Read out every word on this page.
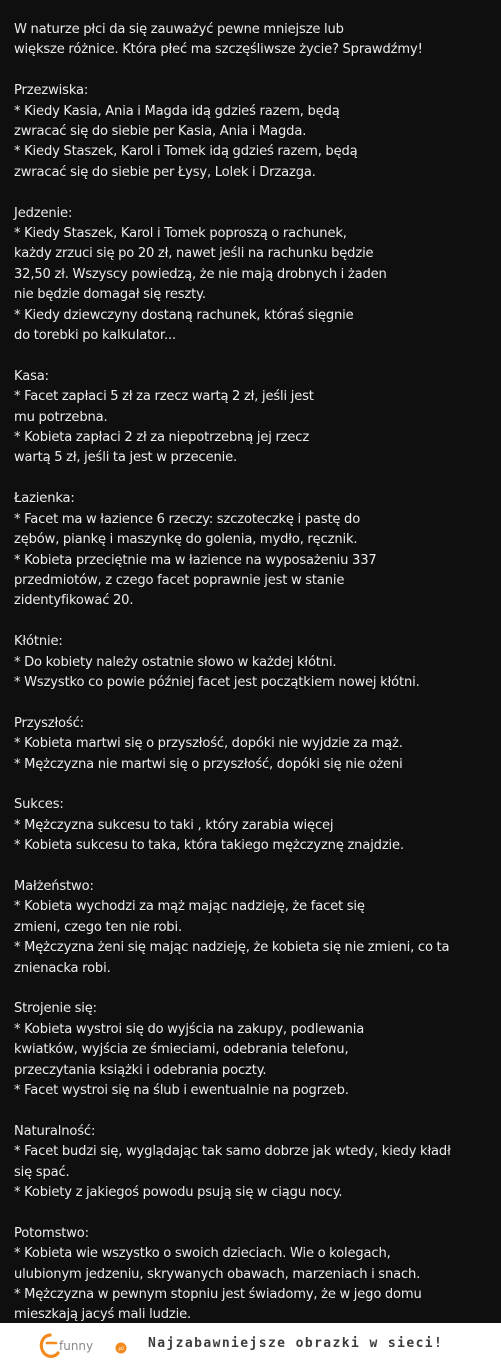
W naturze płci da się zauważyć pewne mniejsze lub
większe różnice. Która płeć ma szczęśliwsze życie? Sprawdźmy!
Przezwiska:
* Kiedy Kasia, Ania i Magda idą gdzieś razem, będą
zwracać się do siebie per Kasia, Ania i Magda.
* Kiedy Staszek, Karol i Tomek idą gdzieś razem, będą
zwracać się do siebie per Łysy, Lolek i Drzazga.
Jedzenie:
* Kiedy Staszek, Karol i Tomek poproszą o rachunek,
każdy zrzuci się po 20 zł, nawet jeśli na rachunku będzie
32,50 zł. Wszyscy powiedzą, że nie mają drobnych i żaden
nie będzie domagał się reszty.
* Kiedy dziewczyny dostaną rachunek, któraś sięgnie
do torebki po kalkulator...
Kasa:
* Facet zapłaci 5 zł za rzecz wartą 2 zł, jeśli jest
mu potrzebna.
* Kobieta zapłaci 2 zł za niepotrzebną jej rzecz
wartą 5 zł, jeśli ta jest w przecenie.
Łazienka:
* Facet ma w łazience 6 rzeczy: szczoteczkę i pastę do
zębów, piankę i maszynkę do golenia, mydło, ręcznik.
* Kobieta przeciętnie ma w łazience na wyposażeniu 337
przedmiotów, z czego facet poprawnie jest w stanie
zidentyfikować 20.
Kłótnie:
* Do kobiety należy ostatnie słowo w każdej kłótni.
* Wszystko co powie później facet jest początkiem nowej kłótni.
Przyszłość:
* Kobieta martwi się o przyszłość, dopóki nie wyjdzie za mąż.
* Mężczyzna nie martwi się o przyszłość, dopóki się nie ożeni
Sukces:
* Mężczyzna sukcesu to taki , który zarabia więcej
* Kobieta sukcesu to taka, która takiego mężczyznę znajdzie.
Małżeństwo:
* Kobieta wychodzi za mąż mając nadzieję, że facet się
zmieni, czego ten nie robi.
* Mężczyzna żeni się mając nadzieję, że kobieta się nie zmieni, co ta
znienacka robi.
Strojenie się:
* Kobieta wystroi się do wyjścia na zakupy, podlewania
kwiatków, wyjścia ze śmieciami, odebrania telefonu,
przeczytania książki i odebrania poczty.
* Facet wystroi się na ślub i ewentualnie na pogrzeb.
Naturalność:
* Facet budzi się, wyglądając tak samo dobrze jak wtedy, kiedy kładł
się spać.
* Kobiety z jakiegoś powodu psują się w ciągu nocy.
Potomstwo:
* Kobieta wie wszystko o swoich dzieciach. Wie o kolegach,
ulubionym jedzeniu, skrywanych obawach, marzeniach i snach.
* Mężczyzna w pewnym stopniu jest świadomy, że w jego domu
mieszkają jacyś mali ludzie.
funny	.pl Najzabawniejsze obrazki w sieci!
